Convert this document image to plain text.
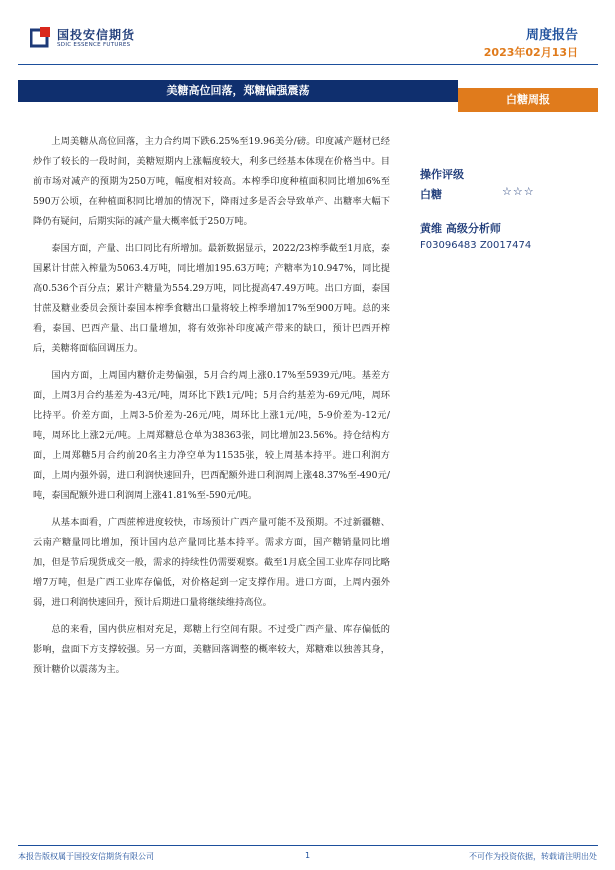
国投安信期货
SDIC ESSENCE FUTURES
周度报告
2023年02月13日
美糖高位回落，郑糖偏强震荡
白糖周报

上周美糖从高位回落，主力合约周下跌6.25%至19.96美分/磅。印度减产题材已经炒作了较长的一段时间，美糖短期内上涨幅度较大，利多已经基本体现在价格当中。目前市场对减产的预期为250万吨，幅度相对较高。本榨季印度种植面积同比增加6%至590万公顷，在种植面积同比增加的情况下，降雨过多是否会导致单产、出糖率大幅下降仍有疑问，后期实际的减产量大概率低于250万吨。

泰国方面，产量、出口同比有所增加。最新数据显示，2022/23榨季截至1月底，泰国累计甘蔗入榨量为5063.4万吨，同比增加195.63万吨；产糖率为10.947%，同比提高0.536个百分点；累计产糖量为554.29万吨，同比提高47.49万吨。出口方面，泰国甘蔗及糖业委员会预计泰国本榨季食糖出口量将较上榨季增加17%至900万吨。总的来看，泰国、巴西产量、出口量增加，将有效弥补印度减产带来的缺口，预计巴西开榨后，美糖将面临回调压力。

国内方面，上周国内糖价走势偏强，5月合约周上涨0.17%至5939元/吨。基差方面，上周3月合约基差为-43元/吨，周环比下跌1元/吨；5月合约基差为-69元/吨，周环比持平。价差方面，上周3-5价差为-26元/吨，周环比上涨1元/吨，5-9价差为-12元/吨，周环比上涨2元/吨。上周郑糖总仓单为38363张，同比增加23.56%。持仓结构方面，上周郑糖5月合约前20名主力净空单为11535张，较上周基本持平。进口利润方面，上周内强外弱，进口利润快速回升，巴西配额外进口利润周上涨48.37%至-490元/吨，泰国配额外进口利润周上涨41.81%至-590元/吨。

从基本面看，广西蔗榨进度较快，市场预计广西产量可能不及预期。不过新疆糖、云南产糖量同比增加，预计国内总产量同比基本持平。需求方面，国产糖销量同比增加，但是节后现货成交一般，需求的持续性仍需要观察。截至1月底全国工业库存同比略增7万吨，但是广西工业库存偏低，对价格起到一定支撑作用。进口方面，上周内强外弱，进口利润快速回升，预计后期进口量将继续维持高位。

总的来看，国内供应相对充足，郑糖上行空间有限。不过受广西产量、库存偏低的影响，盘面下方支撑较强。另一方面，美糖回落调整的概率较大，郑糖难以独善其身，预计糖价以震荡为主。

操作评级
白糖	☆☆☆
黄维 高级分析师
F03096483 Z0017474
本报告版权属于国投安信期货有限公司	1	不可作为投资依据，转载请注明出处
